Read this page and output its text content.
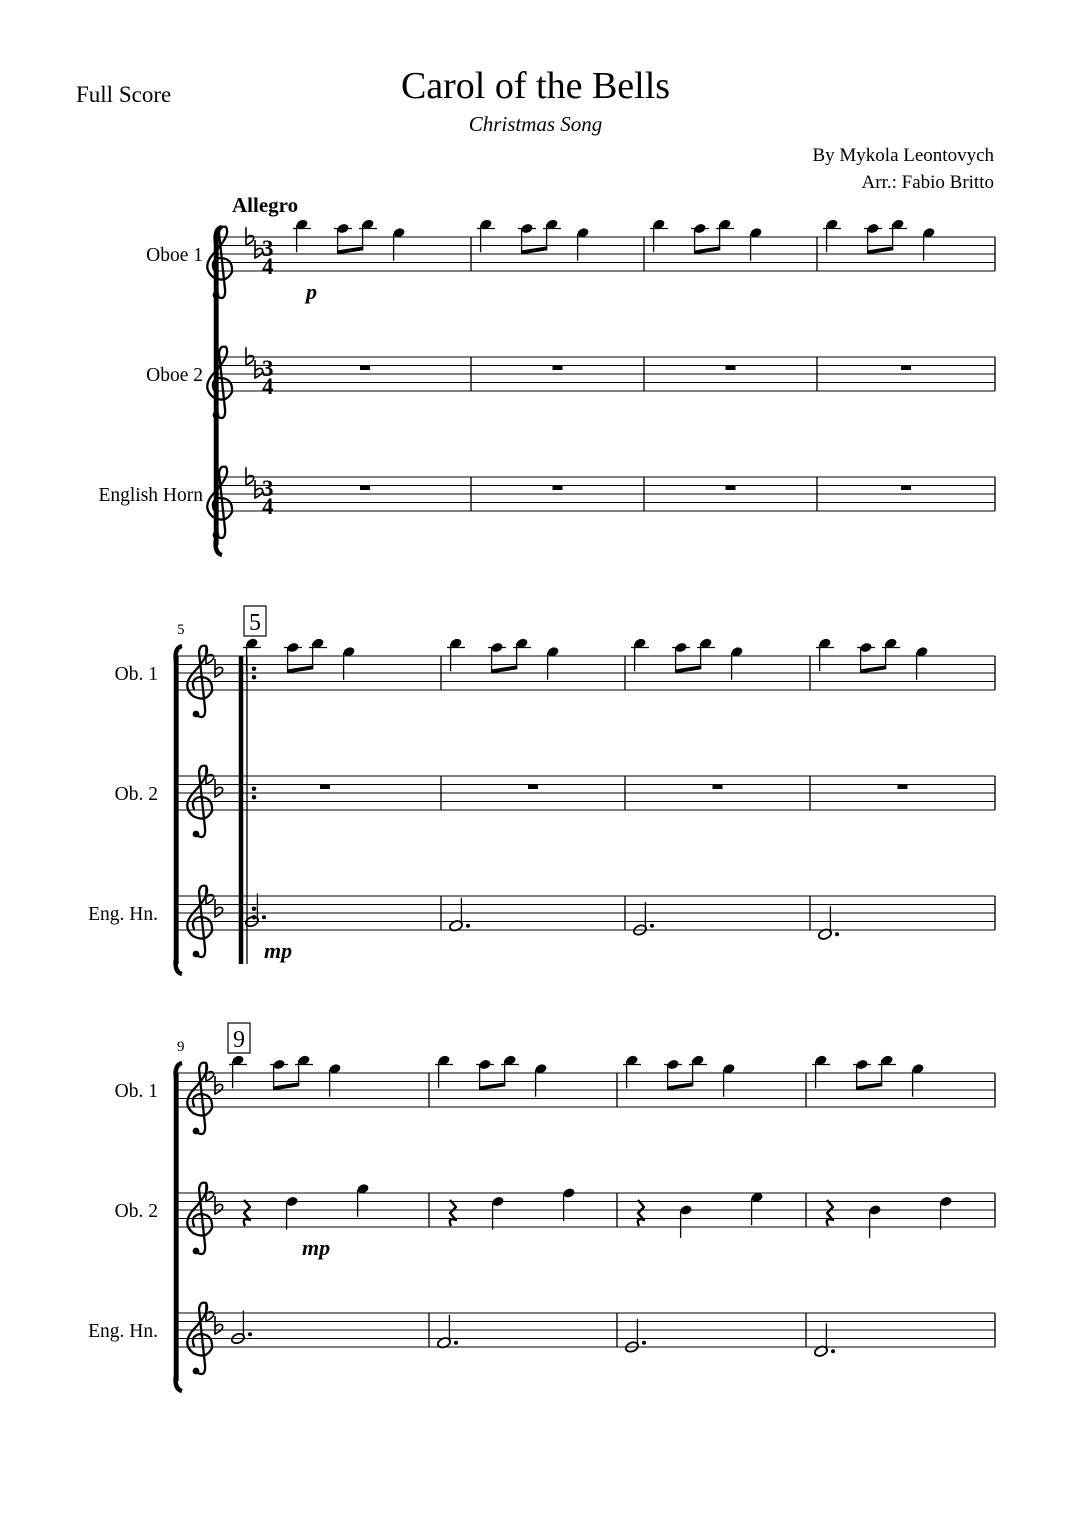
Full Score	Carol of the Bells
Christmas Song
By Mykola Leontovych
Arr.: Fabio Britto
Allegro
Oboe 1	3
4
p
Oboe 2	3
4
English Horn	3
4
5	5
Ob. 1
Ob. 2
Eng. Hn.
mp
9 9
Ob. 1
Ob. 2
mp
Eng. Hn.
